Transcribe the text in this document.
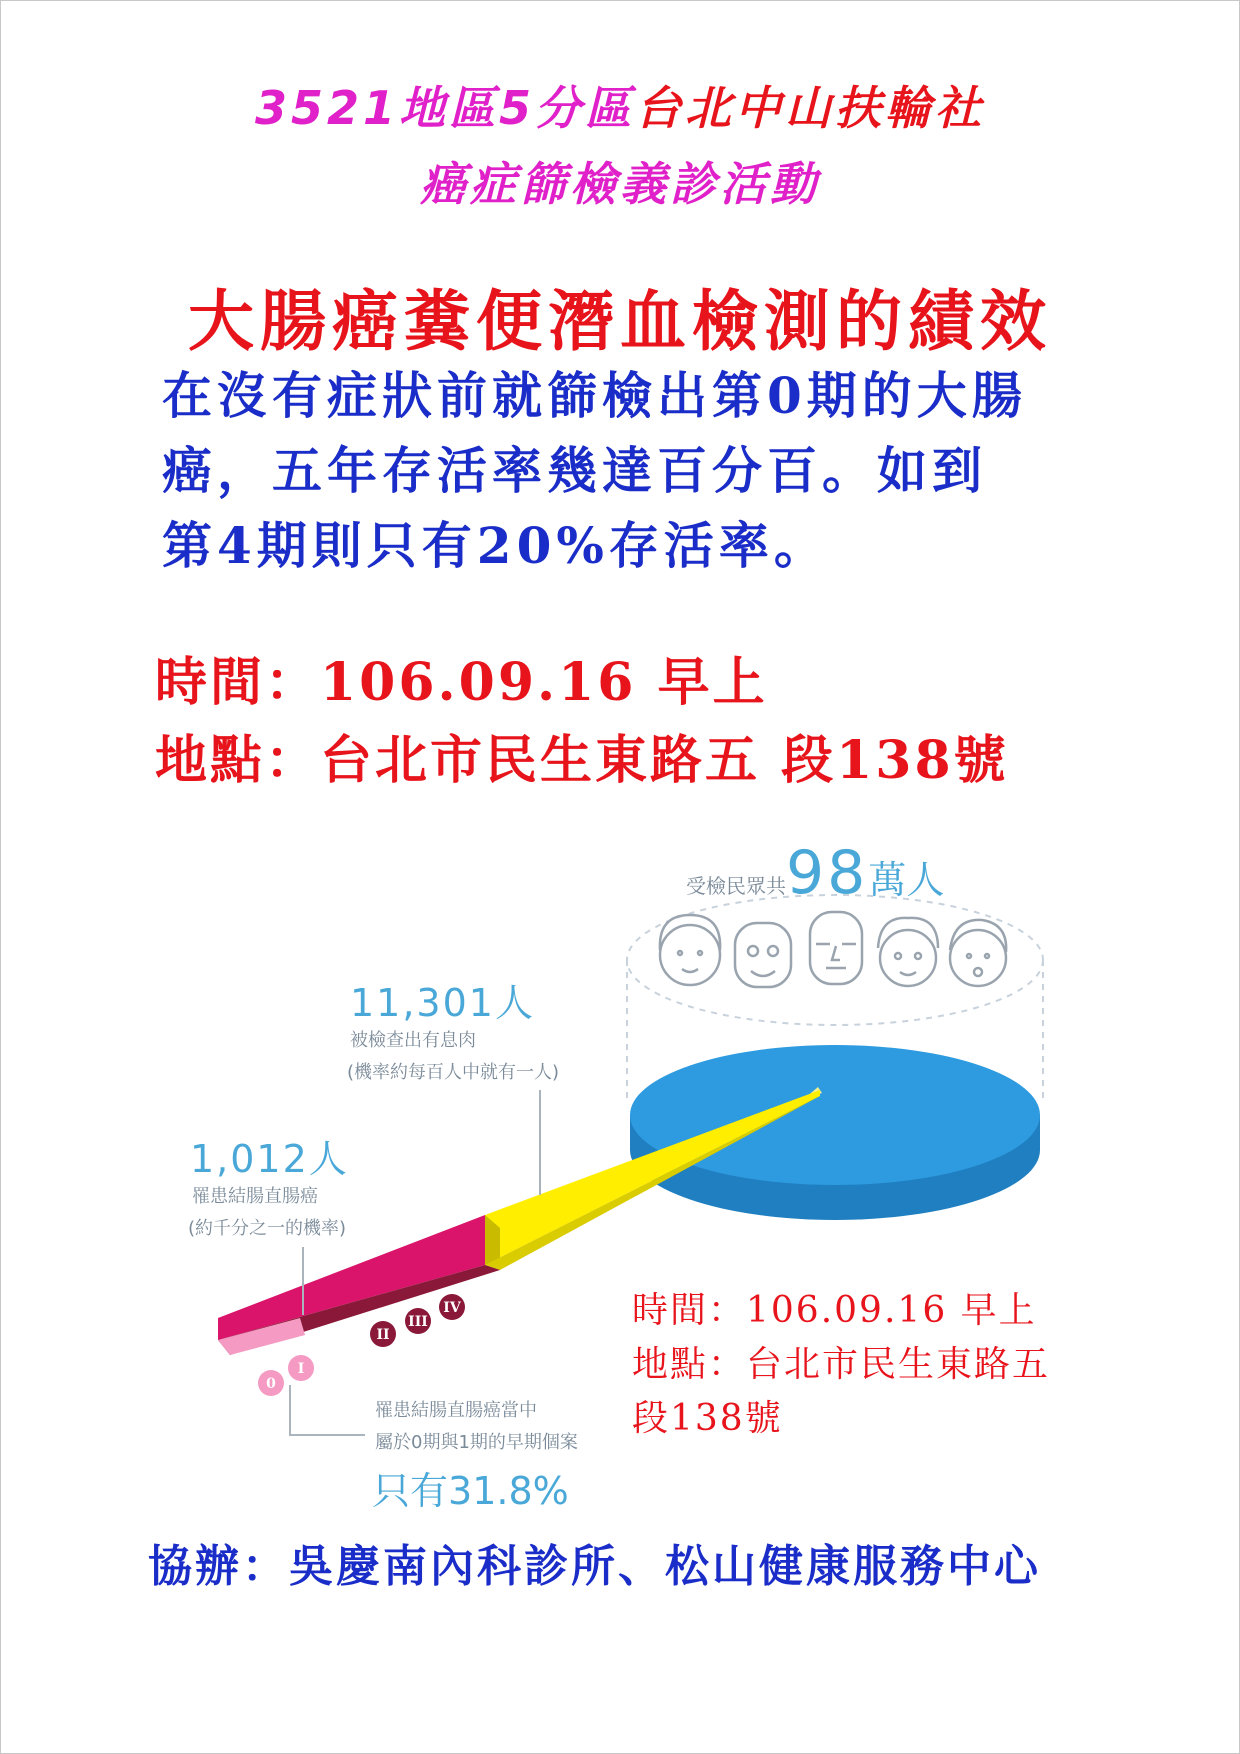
3521地區5分區台北中山扶輪社
癌症篩檢義診活動
大腸癌糞便潛血檢測的績效
在沒有症狀前就篩檢出第0期的大腸
癌，五年存活率幾達百分百。如到
第4期則只有20%存活率。
時間：106.09.16 早上
地點：台北市民生東路五 段138號
0
I
II
III
IV
受檢民眾共98萬人
11,301人
被檢查出有息肉
(機率約每百人中就有一人)
1,012人
罹患結腸直腸癌
(約千分之一的機率)
罹患結腸直腸癌當中
屬於0期與1期的早期個案
只有31.8%
時間：106.09.16 早上
地點：台北市民生東路五
段138號
協辦：吳慶南內科診所、松山健康服務中心
